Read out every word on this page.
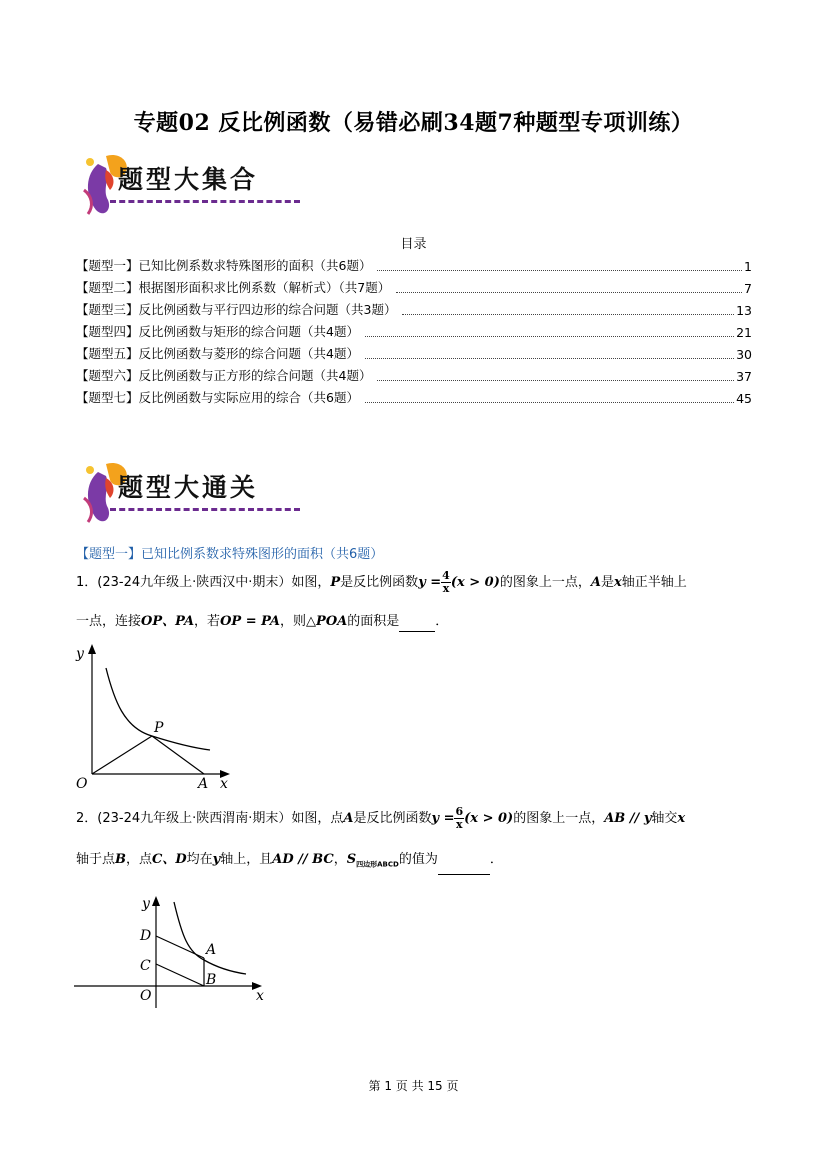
专题02 反比例函数（易错必刷34题7种题型专项训练）
题型大集合
目录
【题型一】已知比例系数求特殊图形的面积（共6题）	1
【题型二】根据图形面积求比例系数（解析式）（共7题）	7
【题型三】反比例函数与平行四边形的综合问题（共3题）	13
【题型四】反比例函数与矩形的综合问题（共4题）	21
【题型五】反比例函数与菱形的综合问题（共4题）	30
【题型六】反比例函数与正方形的综合问题（共4题）	37
【题型七】反比例函数与实际应用的综合（共6题）	45
题型大通关
【题型一】已知比例系数求特殊图形的面积（共6题）
1．(23-24九年级上·陕西汉中·期末）如图，P是反比例函数$y = \frac{4}{x} (x > 0)$的图象上一点，A是x轴正半轴上
一点，连接OP、PA，若OP = PA，则△POA的面积是	．
y
O
P
A x
2．(23-24九年级上·陕西渭南·期末）如图，点A是反比例函数$y = \frac{6}{x} (x > 0)$的图象上一点，AB // y轴交x
轴于点B，点C、D均在y轴上，且AD // BC，$S_{四边形ABCD}$的值为	．
y
D
A
C
O
B
x
第 1 页 共 15 页
